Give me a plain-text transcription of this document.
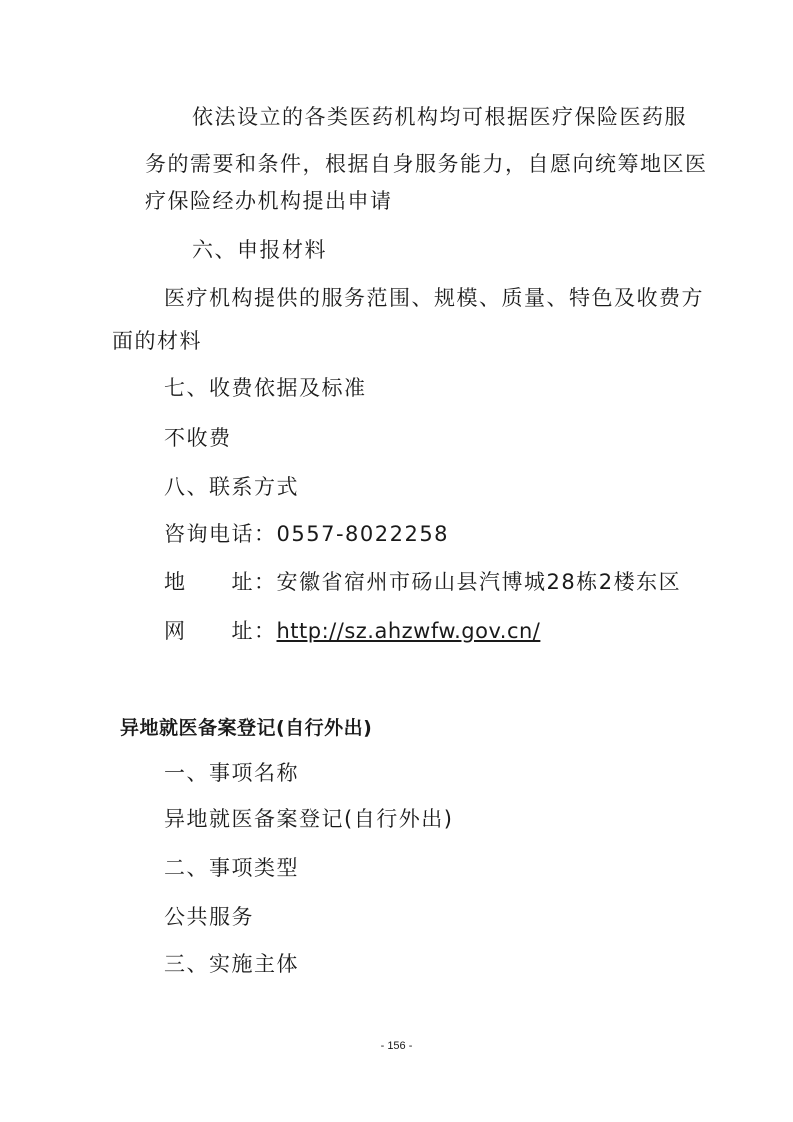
依法设立的各类医药机构均可根据医疗保险医药服
务的需要和条件，根据自身服务能力，自愿向统筹地区医
疗保险经办机构提出申请
六、申报材料
医疗机构提供的服务范围、规模、质量、特色及收费方
面的材料
七、收费依据及标准
不收费
八、联系方式
咨询电话：0557-8022258
地　　址：安徽省宿州市砀山县汽博城28栋2楼东区
网　　址：http://sz.ahzwfw.gov.cn/
异地就医备案登记(自行外出)
一、事项名称
异地就医备案登记(自行外出)
二、事项类型
公共服务
三、实施主体
- 156 -
